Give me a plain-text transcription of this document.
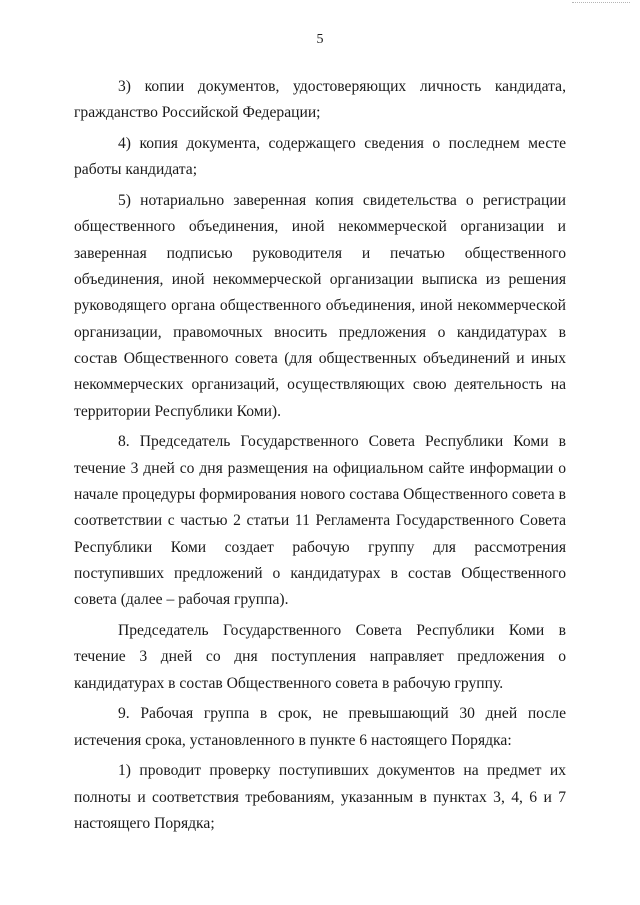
5

3) копии документов, удостоверяющих личность кандидата, гражданство Российской Федерации;

4) копия документа, содержащего сведения о последнем месте работы кандидата;

5) нотариально заверенная копия свидетельства о регистрации общественного объединения, иной некоммерческой организации и заверенная подписью руководителя и печатью общественного объединения, иной некоммерческой организации выписка из решения руководящего органа общественного объединения, иной некоммерческой организации, правомочных вносить предложения о кандидатурах в состав Общественного совета (для общественных объединений и иных некоммерческих организаций, осуществляющих свою деятельность на территории Республики Коми).

8. Председатель Государственного Совета Республики Коми в течение 3 дней со дня размещения на официальном сайте информации о начале процедуры формирования нового состава Общественного совета в соответствии с частью 2 статьи 11 Регламента Государственного Совета Республики Коми создает рабочую группу для рассмотрения поступивших предложений о кандидатурах в состав Общественного совета (далее – рабочая группа).

Председатель Государственного Совета Республики Коми в течение 3 дней со дня поступления направляет предложения о кандидатурах в состав Общественного совета в рабочую группу.

9. Рабочая группа в срок, не превышающий 30 дней после истечения срока, установленного в пункте 6 настоящего Порядка:

1) проводит проверку поступивших документов на предмет их полноты и соответствия требованиям, указанным в пунктах 3, 4, 6 и 7 настоящего Порядка;
